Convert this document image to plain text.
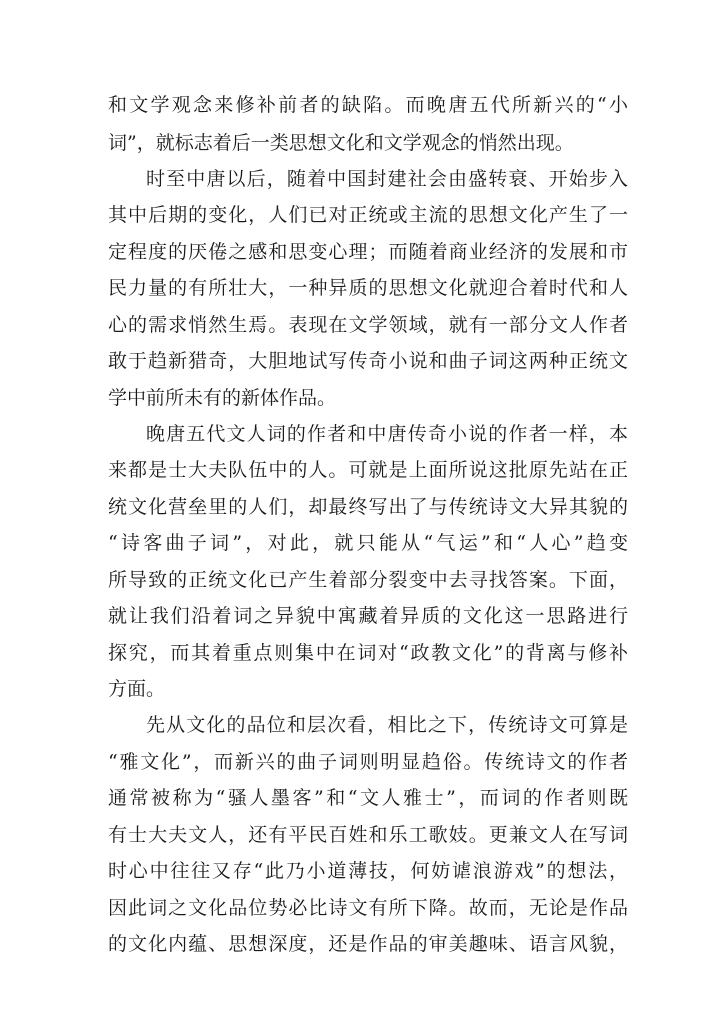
和文学观念来修补前者的缺陷。而晚唐五代所新兴的“小
词”，就标志着后一类思想文化和文学观念的悄然出现。
时至中唐以后，随着中国封建社会由盛转衰、开始步入
其中后期的变化，人们已对正统或主流的思想文化产生了一
定程度的厌倦之感和思变心理；而随着商业经济的发展和市
民力量的有所壮大，一种异质的思想文化就迎合着时代和人
心的需求悄然生焉。表现在文学领域，就有一部分文人作者
敢于趋新猎奇，大胆地试写传奇小说和曲子词这两种正统文
学中前所未有的新体作品。
晚唐五代文人词的作者和中唐传奇小说的作者一样，本
来都是士大夫队伍中的人。可就是上面所说这批原先站在正
统文化营垒里的人们，却最终写出了与传统诗文大异其貌的
“诗客曲子词”，对此，就只能从“气运”和“人心”趋变
所导致的正统文化已产生着部分裂变中去寻找答案。下面，
就让我们沿着词之异貌中寓藏着异质的文化这一思路进行
探究，而其着重点则集中在词对“政教文化”的背离与修补
方面。
先从文化的品位和层次看，相比之下，传统诗文可算是
“雅文化”，而新兴的曲子词则明显趋俗。传统诗文的作者
通常被称为“骚人墨客”和“文人雅士”，而词的作者则既
有士大夫文人，还有平民百姓和乐工歌妓。更兼文人在写词
时心中往往又存“此乃小道薄技，何妨谑浪游戏”的想法，
因此词之文化品位势必比诗文有所下降。故而，无论是作品
的文化内蕴、思想深度，还是作品的审美趣味、语言风貌，
